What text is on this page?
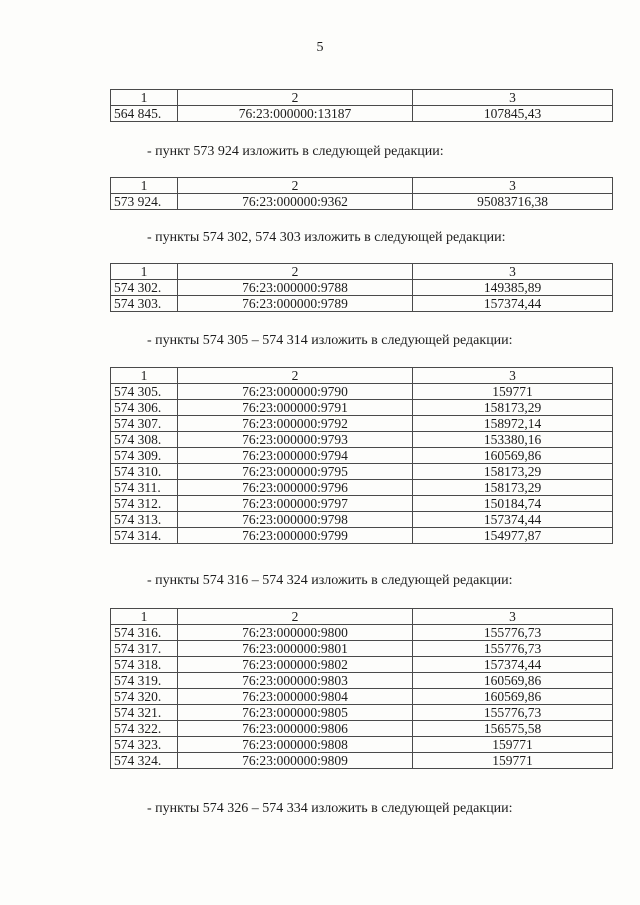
5
1	2	3
564 845.	76:23:000000:13187	107845,43
- пункт 573 924 изложить в следующей редакции:
1	2	3
573 924.	76:23:000000:9362	95083716,38
- пункты 574 302, 574 303 изложить в следующей редакции:
1	2	3
574 302.	76:23:000000:9788	149385,89
574 303.	76:23:000000:9789	157374,44
- пункты 574 305 – 574 314 изложить в следующей редакции:
1	2	3
574 305.	76:23:000000:9790	159771
574 306.	76:23:000000:9791	158173,29
574 307.	76:23:000000:9792	158972,14
574 308.	76:23:000000:9793	153380,16
574 309.	76:23:000000:9794	160569,86
574 310.	76:23:000000:9795	158173,29
574 311.	76:23:000000:9796	158173,29
574 312.	76:23:000000:9797	150184,74
574 313.	76:23:000000:9798	157374,44
574 314.	76:23:000000:9799	154977,87
- пункты 574 316 – 574 324 изложить в следующей редакции:
1	2	3
574 316.	76:23:000000:9800	155776,73
574 317.	76:23:000000:9801	155776,73
574 318.	76:23:000000:9802	157374,44
574 319.	76:23:000000:9803	160569,86
574 320.	76:23:000000:9804	160569,86
574 321.	76:23:000000:9805	155776,73
574 322.	76:23:000000:9806	156575,58
574 323.	76:23:000000:9808	159771
574 324.	76:23:000000:9809	159771
- пункты 574 326 – 574 334 изложить в следующей редакции:
